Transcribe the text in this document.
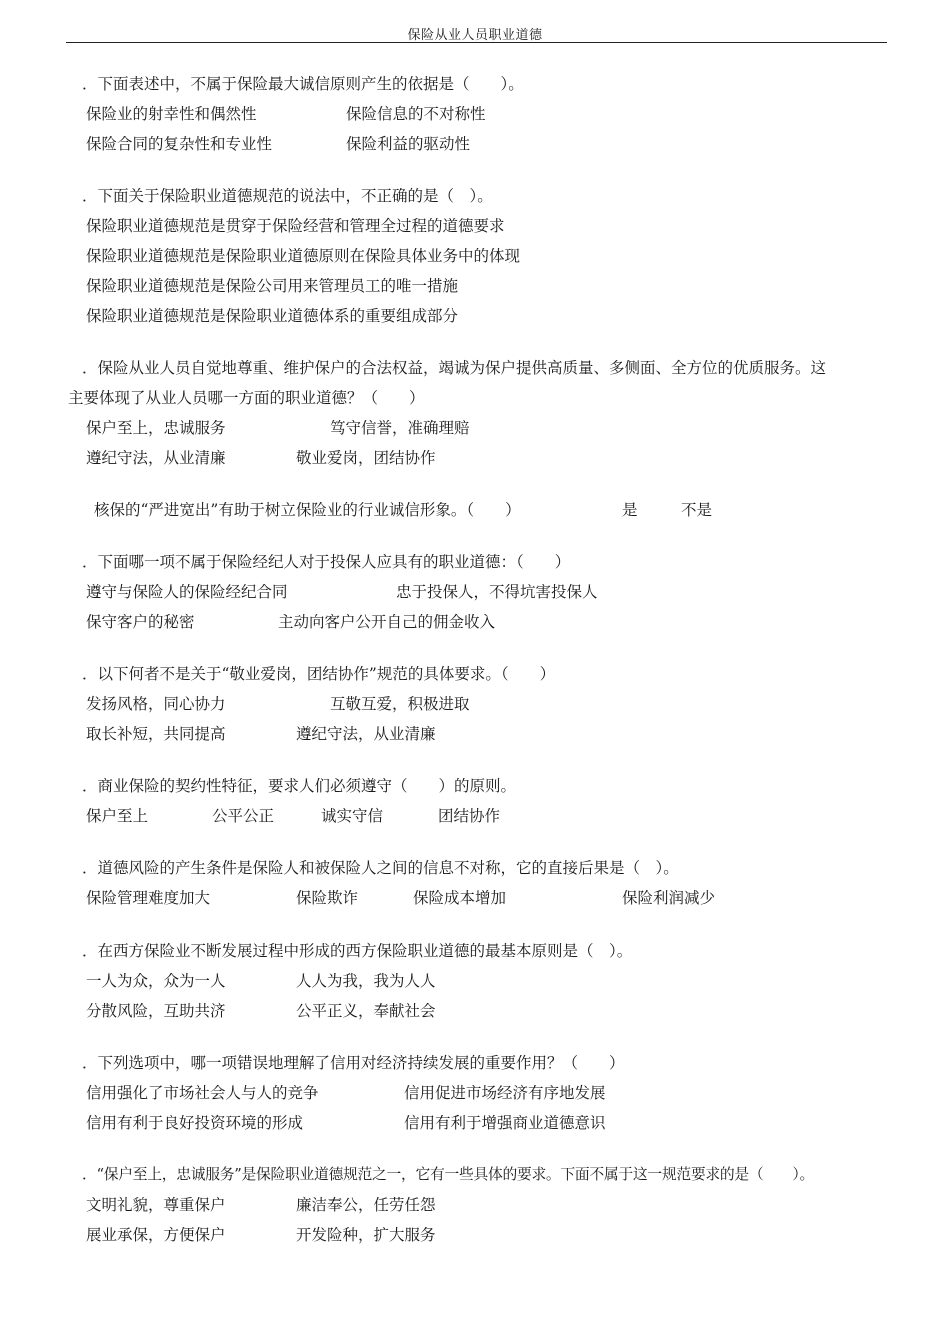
保险从业人员职业道德
．下面表述中，不属于保险最大诚信原则产生的依据是（　　）。
保险业的射幸性和偶然性	保险信息的不对称性
保险合同的复杂性和专业性	保险利益的驱动性
．下面关于保险职业道德规范的说法中，不正确的是（　）。
保险职业道德规范是贯穿于保险经营和管理全过程的道德要求
保险职业道德规范是保险职业道德原则在保险具体业务中的体现
保险职业道德规范是保险公司用来管理员工的唯一措施
保险职业道德规范是保险职业道德体系的重要组成部分
．保险从业人员自觉地尊重、维护保户的合法权益，竭诚为保户提供高质量、多侧面、全方位的优质服务。这
主要体现了从业人员哪一方面的职业道德？（　　）
保户至上，忠诚服务	笃守信誉，准确理赔
遵纪守法，从业清廉	敬业爱岗，团结协作
核保的“严进宽出”有助于树立保险业的行业诚信形象。（　　）	是	不是
．下面哪一项不属于保险经纪人对于投保人应具有的职业道德：（　　）
遵守与保险人的保险经纪合同	忠于投保人，不得坑害投保人
保守客户的秘密	主动向客户公开自己的佣金收入
．以下何者不是关于“敬业爱岗，团结协作”规范的具体要求。（　　）
发扬风格，同心协力	互敬互爱，积极进取
取长补短，共同提高	遵纪守法，从业清廉
．商业保险的契约性特征，要求人们必须遵守（　　）的原则。
保户至上	公平公正	诚实守信	团结协作
．道德风险的产生条件是保险人和被保险人之间的信息不对称，它的直接后果是（　）。
保险管理难度加大	保险欺诈	保险成本增加	保险利润减少
．在西方保险业不断发展过程中形成的西方保险职业道德的最基本原则是（　）。
一人为众，众为一人	人人为我，我为人人
分散风险，互助共济	公平正义，奉献社会
．下列选项中，哪一项错误地理解了信用对经济持续发展的重要作用？（　　）
信用强化了市场社会人与人的竞争	信用促进市场经济有序地发展
信用有利于良好投资环境的形成	信用有利于增强商业道德意识
．“保户至上，忠诚服务”是保险职业道德规范之一，它有一些具体的要求。下面不属于这一规范要求的是（　　）。
文明礼貌，尊重保户	廉洁奉公，任劳任怨
展业承保，方便保户	开发险种，扩大服务
